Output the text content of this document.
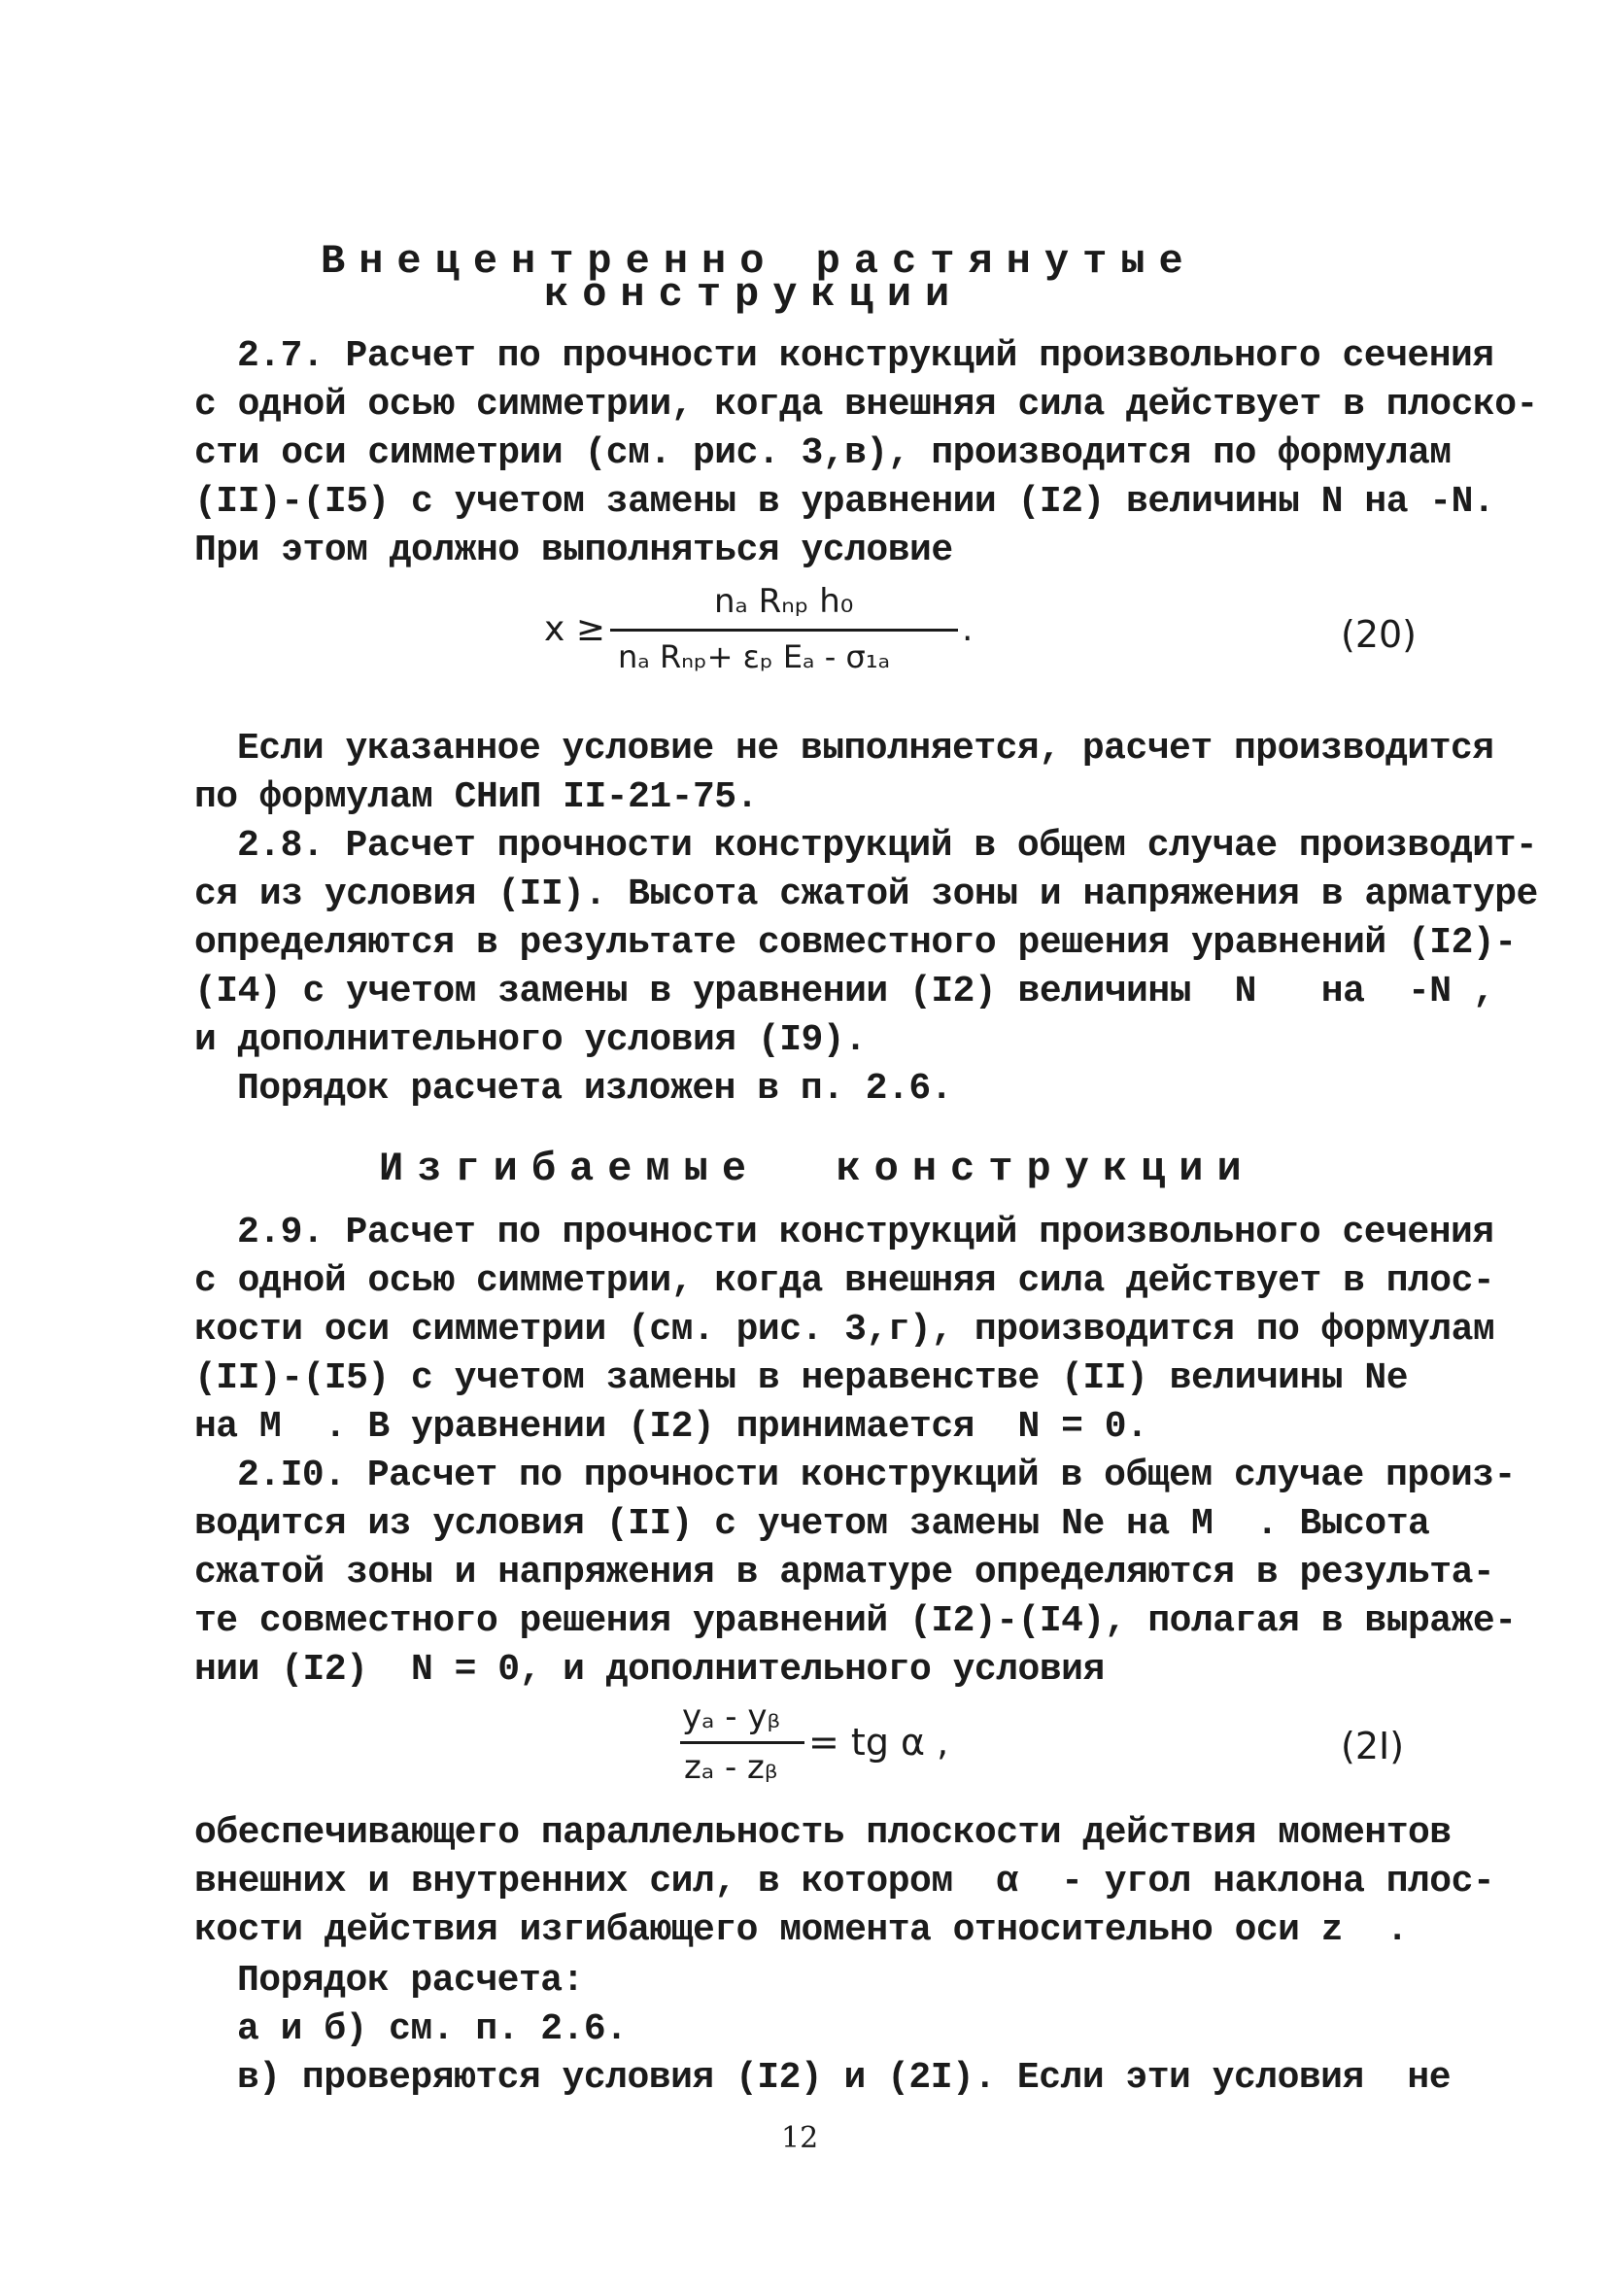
Внецентренно растянутые
конструкции
2.7. Расчет по прочности конструкций произвольного сечения
с одной осью симметрии, когда внешняя сила действует в плоско-
сти оси симметрии (см. рис. 3,в), производится по формулам
(II)-(I5) с учетом замены в уравнении (I2) величины N на -N.
При этом должно выполняться условие
x ≥
nₐ Rₙₚ h₀
nₐ Rₙₚ+ εₚ Eₐ - σ₁ₐ
.	(20)
Если указанное условие не выполняется, расчет производится
по формулам СНиП II-21-75.
2.8. Расчет прочности конструкций в общем случае производит-
ся из условия (II). Высота сжатой зоны и напряжения в арматуре
определяются в результате совместного решения уравнений (I2)-
(I4) с учетом замены в уравнении (I2) величины  N   на  -N ,
и дополнительного условия (I9).
Порядок расчета изложен в п. 2.6.
Изгибаемые  конструкции
2.9. Расчет по прочности конструкций произвольного сечения
с одной осью симметрии, когда внешняя сила действует в плос-
кости оси симметрии (см. рис. 3,г), производится по формулам
(II)-(I5) с учетом замены в неравенстве (II) величины Ne
на M  . В уравнении (I2) принимается  N = 0.
2.I0. Расчет по прочности конструкций в общем случае произ-
водится из условия (II) с учетом замены Ne на M  . Высота
сжатой зоны и напряжения в арматуре определяются в результа-
те совместного решения уравнений (I2)-(I4), полагая в выраже-
нии (I2)  N = 0, и дополнительного условия
yₐ - yᵦ
zₐ - zᵦ
= tg α ,	(2I)
обеспечивающего параллельность плоскости действия моментов
внешних и внутренних сил, в котором  α  - угол наклона плос-
кости действия изгибающего момента относительно оси z  .
Порядок расчета:
а и б) см. п. 2.6.
в) проверяются условия (I2) и (2I). Если эти условия  не
12
